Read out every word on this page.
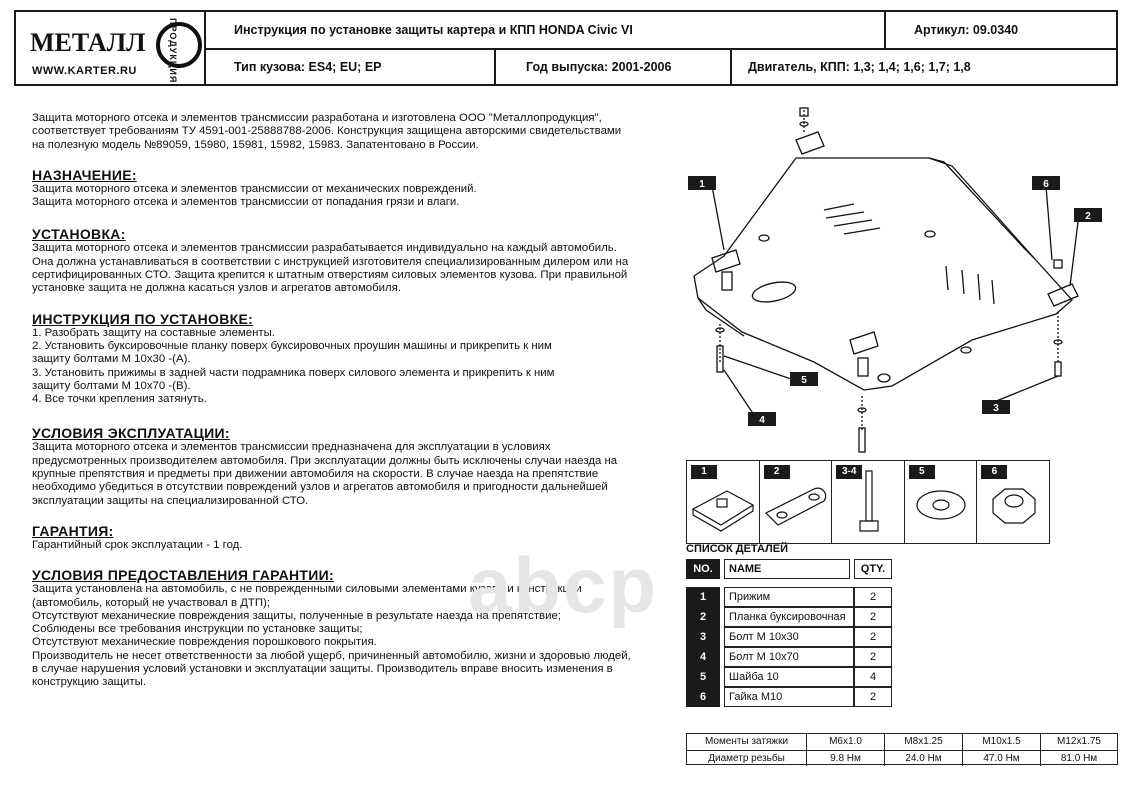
МЕТАЛЛ	ПРОДУКЦИЯ
WWW.KARTER.RU
Инструкция по установке защиты картера и КПП HONDA Civic VI	Артикул: 09.0340
Тип кузова: ES4; EU; EP	Год выпуска: 2001-2006	Двигатель, КПП: 1,3; 1,4; 1,6; 1,7; 1,8
Защита моторного отсека и элементов трансмиссии разработана и изготовлена ООО "Металлопродукция",
соответствует требованиям ТУ 4591-001-25888788-2006. Конструкция защищена авторскими свидетельствами
на полезную модель №89059, 15980, 15981, 15982, 15983. Запатентовано в России.
НАЗНАЧЕНИЕ:
Защита моторного отсека и элементов трансмиссии от механических повреждений.
Защита моторного отсека и элементов трансмиссии от попадания грязи и влаги.
УСТАНОВКА:
Защита моторного отсека и элементов трансмиссии разрабатывается индивидуально на каждый автомобиль.
Она должна устанавливаться в соответствии с инструкцией изготовителя специализированным дилером или на
сертифицированных СТО. Защита крепится к штатным отверстиям силовых элементов кузова. При правильной
установке защита не должна касаться узлов и агрегатов автомобиля.
ИНСТРУКЦИЯ ПО УСТАНОВКЕ:
1. Разобрать защиту на составные элементы.
2. Установить буксировочные планку поверх буксировочных проушин машины и прикрепить к ним
защиту болтами М 10х30 -(A).
3. Установить прижимы в задней части подрамника поверх силового элемента и прикрепить к ним
защиту болтами М 10х70 -(B).
4. Все точки крепления затянуть.
УСЛОВИЯ ЭКСПЛУАТАЦИИ:
Защита моторного отсека и элементов трансмиссии предназначена для эксплуатации в условиях
предусмотренных производителем автомобиля. При эксплуатации должны быть исключены случаи наезда на
крупные препятствия и предметы при движении автомобиля на скорости. В случае наезда на препятствие
необходимо убедиться в отсутствии повреждений узлов и агрегатов автомобиля и пригодности дальнейшей
эксплуатации защиты на специализированной СТО.
ГАРАНТИЯ:
Гарантийный срок эксплуатации - 1 год.
УСЛОВИЯ ПРЕДОСТАВЛЕНИЯ ГАРАНТИИ:
Защита установлена на автомобиль, с не поврежденными силовыми элементами кузова и конструкции
(автомобиль, который не участвовал в ДТП);
Отсутствуют механические повреждения защиты, полученные в результате наезда на препятствие;
Соблюдены все требования инструкции по установке защиты;
Отсутствуют механические повреждения порошкового покрытия.
Производитель не несет ответственности за любой ущерб, причиненный автомобилю, жизни и здоровью людей,
в случае нарушения условий установки и эксплуатации защиты. Производитель вправе вносить изменения в
конструкцию защиты.
abcp
1	6
2
5
4
3
1	2	3-4	5	6
СПИСОК ДЕТАЛЕЙ
NO.	NAME	QTY.
1	Прижим	2
2	Планка буксировочная	2
3	Болт М 10х30	2
4	Болт М 10х70	2
5	Шайба 10	4
6	Гайка М10	2
Моменты затяжки	М6х1.0	М8х1.25	М10х1.5	М12х1.75
Диаметр резьбы	9.8 Нм	24.0 Нм	47.0 Нм	81.0 Нм
